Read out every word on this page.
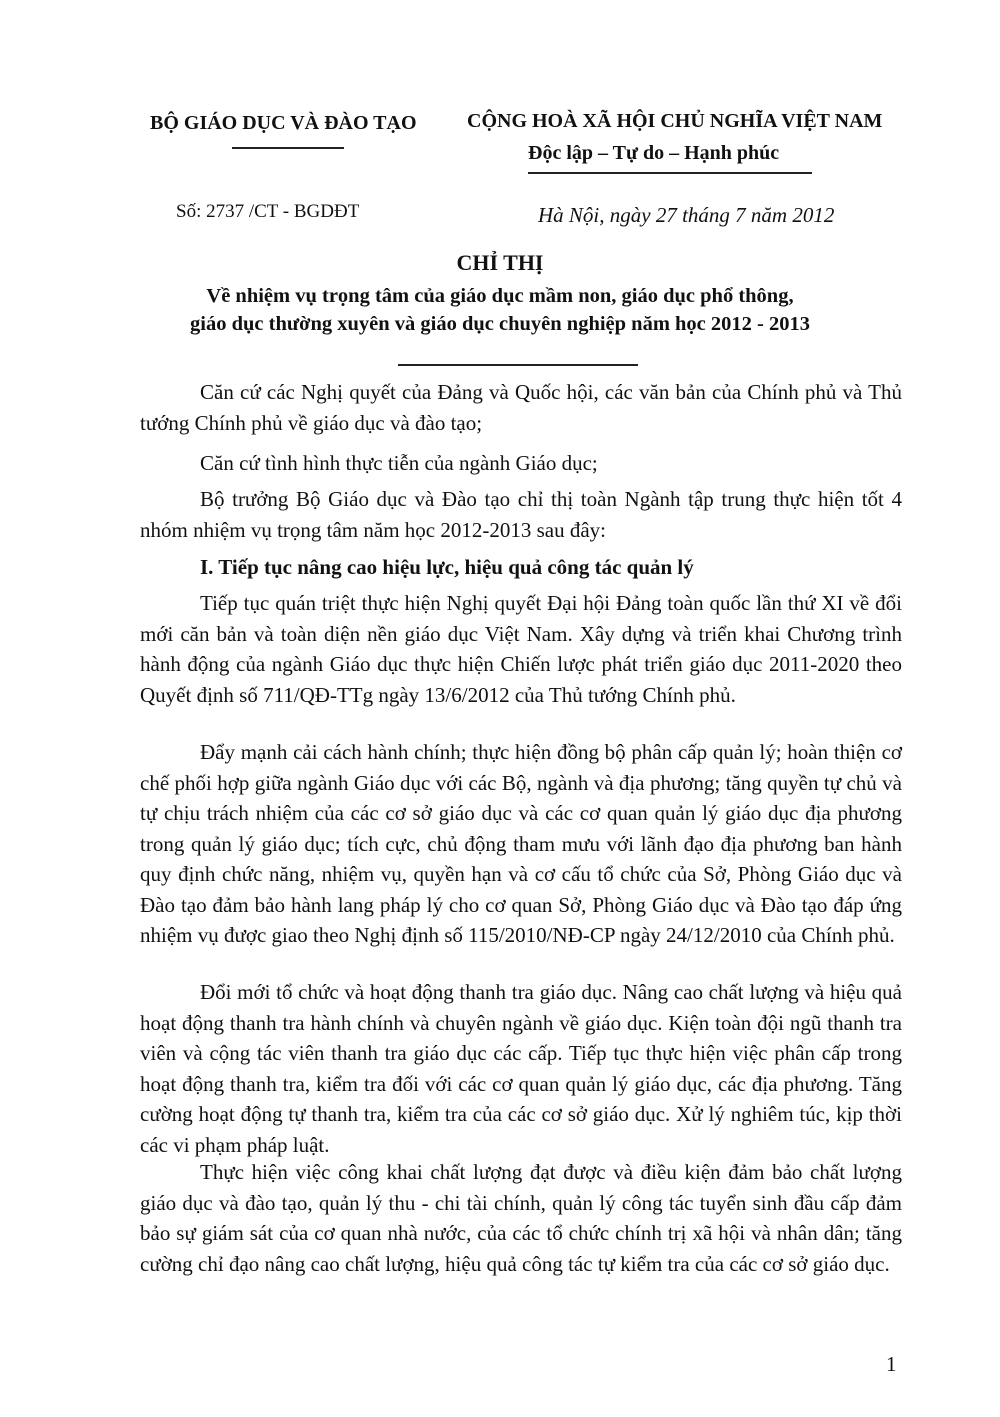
BỘ GIÁO DỤC VÀ ĐÀO TẠO	CỘNG HOÀ XÃ HỘI CHỦ NGHĨA VIỆT NAM
Độc lập – Tự do – Hạnh phúc
Số: 2737 /CT - BGDĐT	Hà Nội, ngày 27 tháng 7 năm 2012
CHỈ THỊ
Về nhiệm vụ trọng tâm của giáo dục mầm non, giáo dục phổ thông,
giáo dục thường xuyên và giáo dục chuyên nghiệp năm học 2012 - 2013

Căn cứ các Nghị quyết của Đảng và Quốc hội, các văn bản của Chính phủ và Thủ tướng Chính phủ về giáo dục và đào tạo;

Căn cứ tình hình thực tiễn của ngành Giáo dục;

Bộ trưởng Bộ Giáo dục và Đào tạo chỉ thị toàn Ngành tập trung thực hiện tốt 4 nhóm nhiệm vụ trọng tâm năm học 2012-2013 sau đây:

I. Tiếp tục nâng cao hiệu lực, hiệu quả công tác quản lý

Tiếp tục quán triệt thực hiện Nghị quyết Đại hội Đảng toàn quốc lần thứ XI về đổi mới căn bản và toàn diện nền giáo dục Việt Nam. Xây dựng và triển khai Chương trình hành động của ngành Giáo dục thực hiện Chiến lược phát triển giáo dục 2011-2020 theo Quyết định số 711/QĐ-TTg ngày 13/6/2012 của Thủ tướng Chính phủ.

Đẩy mạnh cải cách hành chính; thực hiện đồng bộ phân cấp quản lý; hoàn thiện cơ chế phối hợp giữa ngành Giáo dục với các Bộ, ngành và địa phương; tăng quyền tự chủ và tự chịu trách nhiệm của các cơ sở giáo dục và các cơ quan quản lý giáo dục địa phương trong quản lý giáo dục; tích cực, chủ động tham mưu với lãnh đạo địa phương ban hành quy định chức năng, nhiệm vụ, quyền hạn và cơ cấu tổ chức của Sở, Phòng Giáo dục và Đào tạo đảm bảo hành lang pháp lý cho cơ quan Sở, Phòng Giáo dục và Đào tạo đáp ứng nhiệm vụ được giao theo Nghị định số 115/2010/NĐ-CP ngày 24/12/2010 của Chính phủ.

Đổi mới tổ chức và hoạt động thanh tra giáo dục. Nâng cao chất lượng và hiệu quả hoạt động thanh tra hành chính và chuyên ngành về giáo dục. Kiện toàn đội ngũ thanh tra viên và cộng tác viên thanh tra giáo dục các cấp. Tiếp tục thực hiện việc phân cấp trong hoạt động thanh tra, kiểm tra đối với các cơ quan quản lý giáo dục, các địa phương. Tăng cường hoạt động tự thanh tra, kiểm tra của các cơ sở giáo dục. Xử lý nghiêm túc, kịp thời các vi phạm pháp luật.

Thực hiện việc công khai chất lượng đạt được và điều kiện đảm bảo chất lượng giáo dục và đào tạo, quản lý thu - chi tài chính, quản lý công tác tuyển sinh đầu cấp đảm bảo sự giám sát của cơ quan nhà nước, của các tổ chức chính trị xã hội và nhân dân; tăng cường chỉ đạo nâng cao chất lượng, hiệu quả công tác tự kiểm tra của các cơ sở giáo dục.

1
